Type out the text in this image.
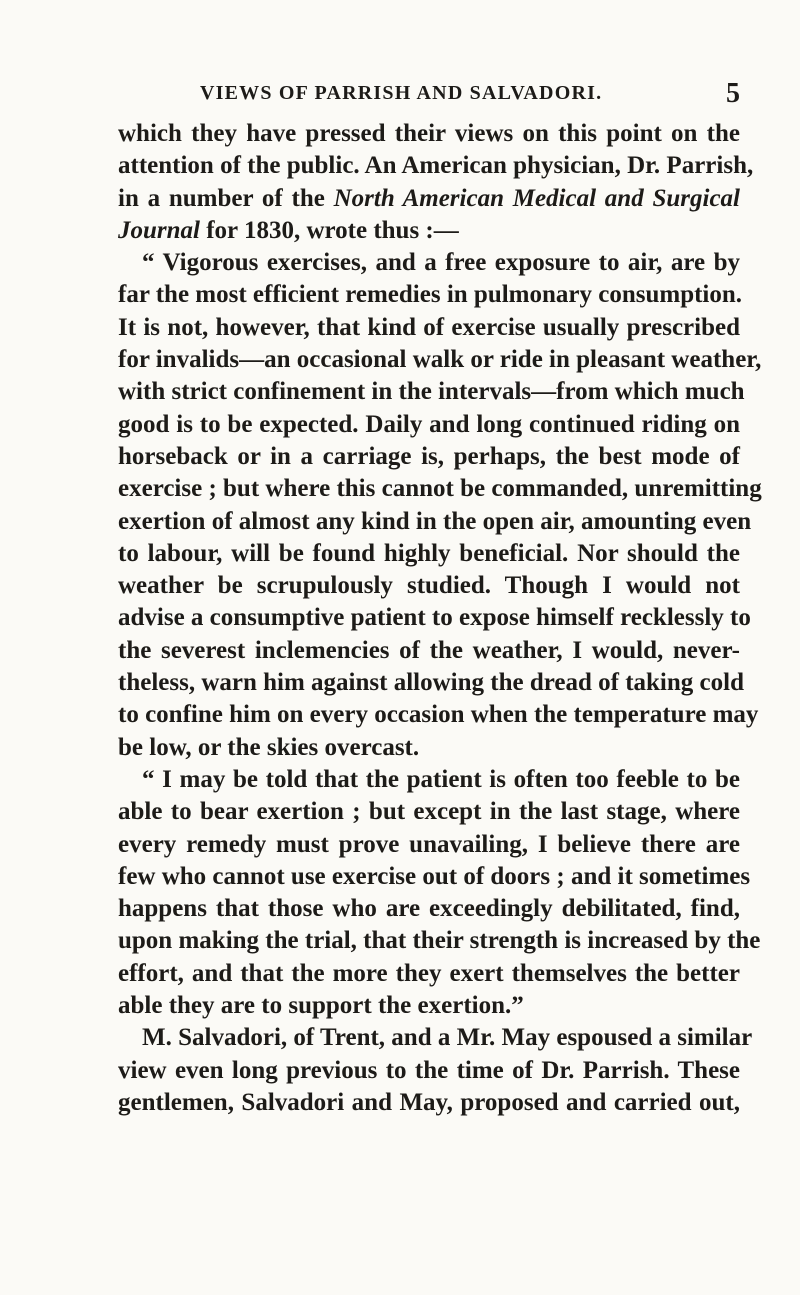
VIEWS OF PARRISH AND SALVADORI.	5
which they have pressed their views on this point on the
attention of the public. An American physician, Dr. Parrish,
in a number of the North American Medical and Surgical
Journal for 1830, wrote thus :—
“ Vigorous exercises, and a free exposure to air, are by
far the most efficient remedies in pulmonary consumption.
It is not, however, that kind of exercise usually prescribed
for invalids—an occasional walk or ride in pleasant weather,
with strict confinement in the intervals—from which much
good is to be expected. Daily and long continued riding on
horseback or in a carriage is, perhaps, the best mode of
exercise ; but where this cannot be commanded, unremitting
exertion of almost any kind in the open air, amounting even
to labour, will be found highly beneficial. Nor should the
weather be scrupulously studied. Though I would not
advise a consumptive patient to expose himself recklessly to
the severest inclemencies of the weather, I would, never-
theless, warn him against allowing the dread of taking cold
to confine him on every occasion when the temperature may
be low, or the skies overcast.
“ I may be told that the patient is often too feeble to be
able to bear exertion ; but except in the last stage, where
every remedy must prove unavailing, I believe there are
few who cannot use exercise out of doors ; and it sometimes
happens that those who are exceedingly debilitated, find,
upon making the trial, that their strength is increased by the
effort, and that the more they exert themselves the better
able they are to support the exertion.”
M. Salvadori, of Trent, and a Mr. May espoused a similar
view even long previous to the time of Dr. Parrish. These
gentlemen, Salvadori and May, proposed and carried out,
